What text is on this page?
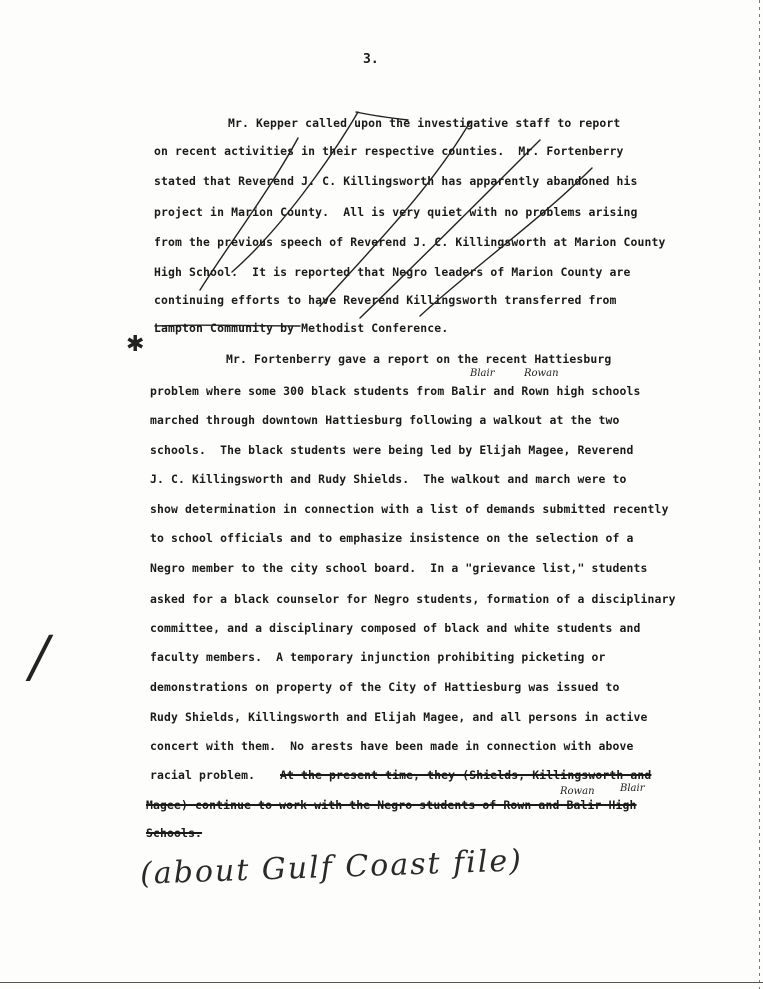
3.
Mr. Kepper called upon the investigative staff to report
on recent activities in their respective counties.  Mr. Fortenberry
stated that Reverend J. C. Killingsworth has apparently abandoned his
project in Marion County.  All is very quiet with no problems arising
from the previous speech of Reverend J. C. Killingsworth at Marion County
High School.  It is reported that Negro leaders of Marion County are
continuing efforts to have Reverend Killingsworth transferred from
Lampton Community by Methodist Conference.
Mr. Fortenberry gave a report on the recent Hattiesburg
problem where some 300 black students from Balir and Rown high schools
marched through downtown Hattiesburg following a walkout at the two
schools.  The black students were being led by Elijah Magee, Reverend
J. C. Killingsworth and Rudy Shields.  The walkout and march were to
show determination in connection with a list of demands submitted recently
to school officials and to emphasize insistence on the selection of a
Negro member to the city school board.  In a "grievance list," students
asked for a black counselor for Negro students, formation of a disciplinary
committee, and a disciplinary composed of black and white students and
faculty members.  A temporary injunction prohibiting picketing or
demonstrations on property of the City of Hattiesburg was issued to
Rudy Shields, Killingsworth and Elijah Magee, and all persons in active
concert with them.  No arests have been made in connection with above
racial problem. At the present time, they (Shields, Killingsworth and
Magee) continue to work with the Negro students of Rown and Balir High
Schools.
Blair	Rowan
Rowan	Blair
✱
/
(about Gulf Coast file)
